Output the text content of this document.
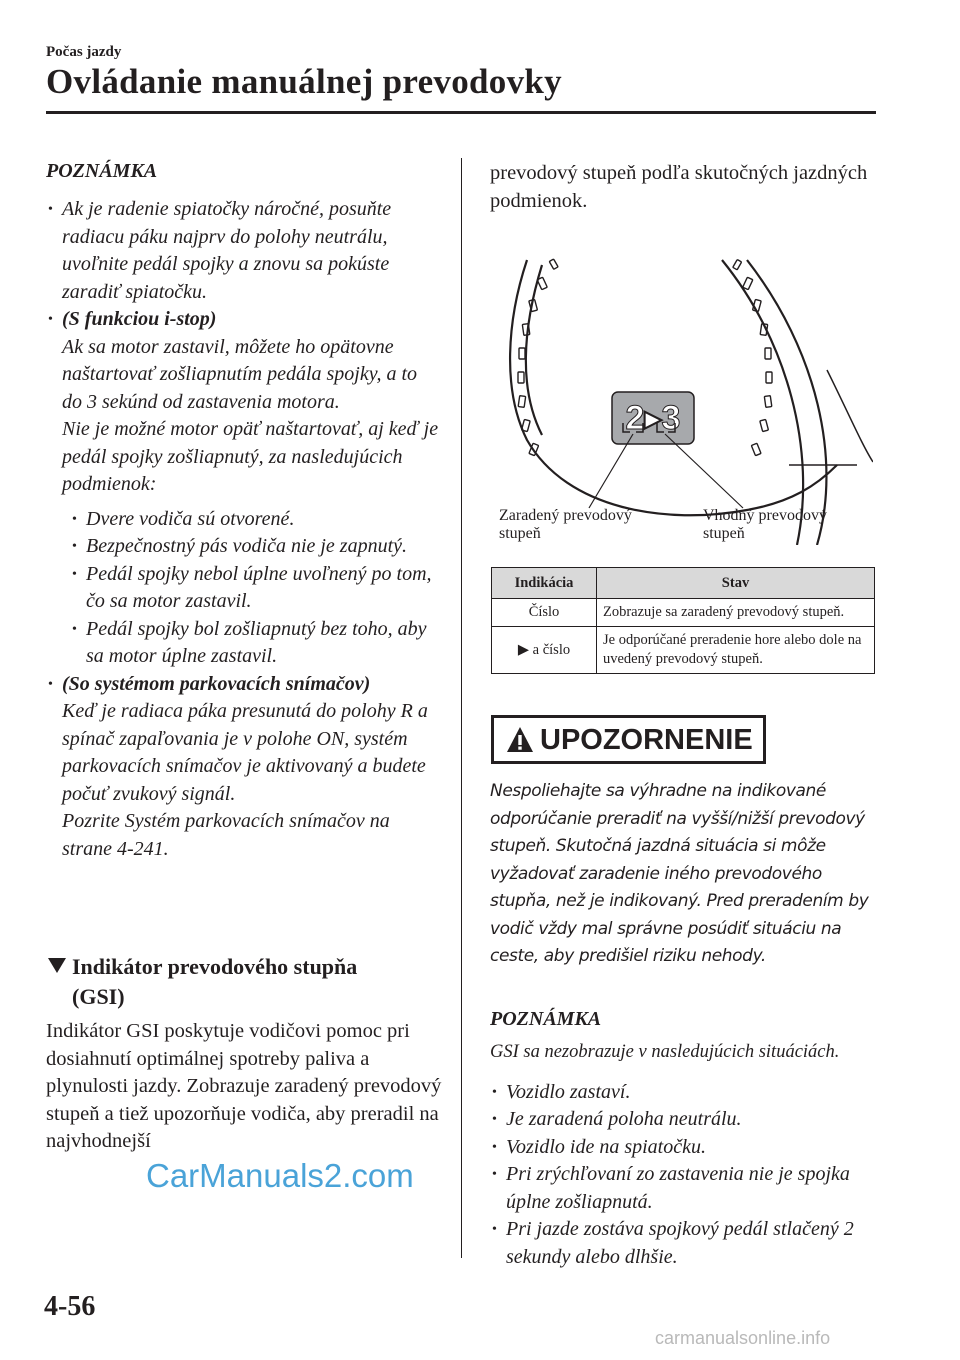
Počas jazdy
Ovládanie manuálnej prevodovky
POZNÁMKA
• Ak je radenie spiatočky náročné, posuňte radiacu páku najprv do polohy neutrálu, uvoľnite pedál spojky a znovu sa pokúste zaradiť spiatočku.
• (S funkciou i-stop)
Ak sa motor zastavil, môžete ho opätovne naštartovať zošliapnutím pedála spojky, a to do 3 sekúnd od zastavenia motora.
Nie je možné motor opäť naštartovať, aj keď je pedál spojky zošliapnutý, za nasledujúcich podmienok:
• Dvere vodiča sú otvorené.
• Bezpečnostný pás vodiča nie je zapnutý.
• Pedál spojky nebol úplne uvoľnený po tom, čo sa motor zastavil.
• Pedál spojky bol zošliapnutý bez toho, aby sa motor úplne zastavil.
• (So systémom parkovacích snímačov)
Keď je radiaca páka presunutá do polohy R a spínač zapaľovania je v polohe ON, systém parkovacích snímačov je aktivovaný a budete počuť zvukový signál.
Pozrite Systém parkovacích snímačov na strane 4-241.
Indikátor prevodového stupňa
(GSI)
Indikátor GSI poskytuje vodičovi pomoc pri dosiahnutí optimálnej spotreby paliva a plynulosti jazdy. Zobrazuje zaradený prevodový stupeň a tiež upozorňuje vodiča, aby preradil na najvhodnejší
prevodový stupeň podľa skutočných jazdných podmienok.
2▸3
Zaradený prevodový
stupeň
Vhodný prevodový
stupeň
Indikácia	Stav
Číslo	Zobrazuje sa zaradený prevodový stupeň.
▶ a číslo	Je odporúčané preradenie hore alebo dole na uvedený prevodový stupeň.
UPOZORNENIE
Nespoliehajte sa výhradne na indikované odporúčanie preradiť na vyšší/nižší prevodový stupeň. Skutočná jazdná situácia si môže vyžadovať zaradenie iného prevodového stupňa, než je indikovaný. Pred preradením by vodič vždy mal správne posúdiť situáciu na ceste, aby predišiel riziku nehody.
POZNÁMKA
GSI sa nezobrazuje v nasledujúcich situáciách.
• Vozidlo zastaví.
• Je zaradená poloha neutrálu.
• Vozidlo ide na spiatočku.
• Pri zrýchľovaní zo zastavenia nie je spojka úplne zošliapnutá.
• Pri jazde zostáva spojkový pedál stlačený 2 sekundy alebo dlhšie.
CarManuals2.com
4-56
carmanualsonline.info
